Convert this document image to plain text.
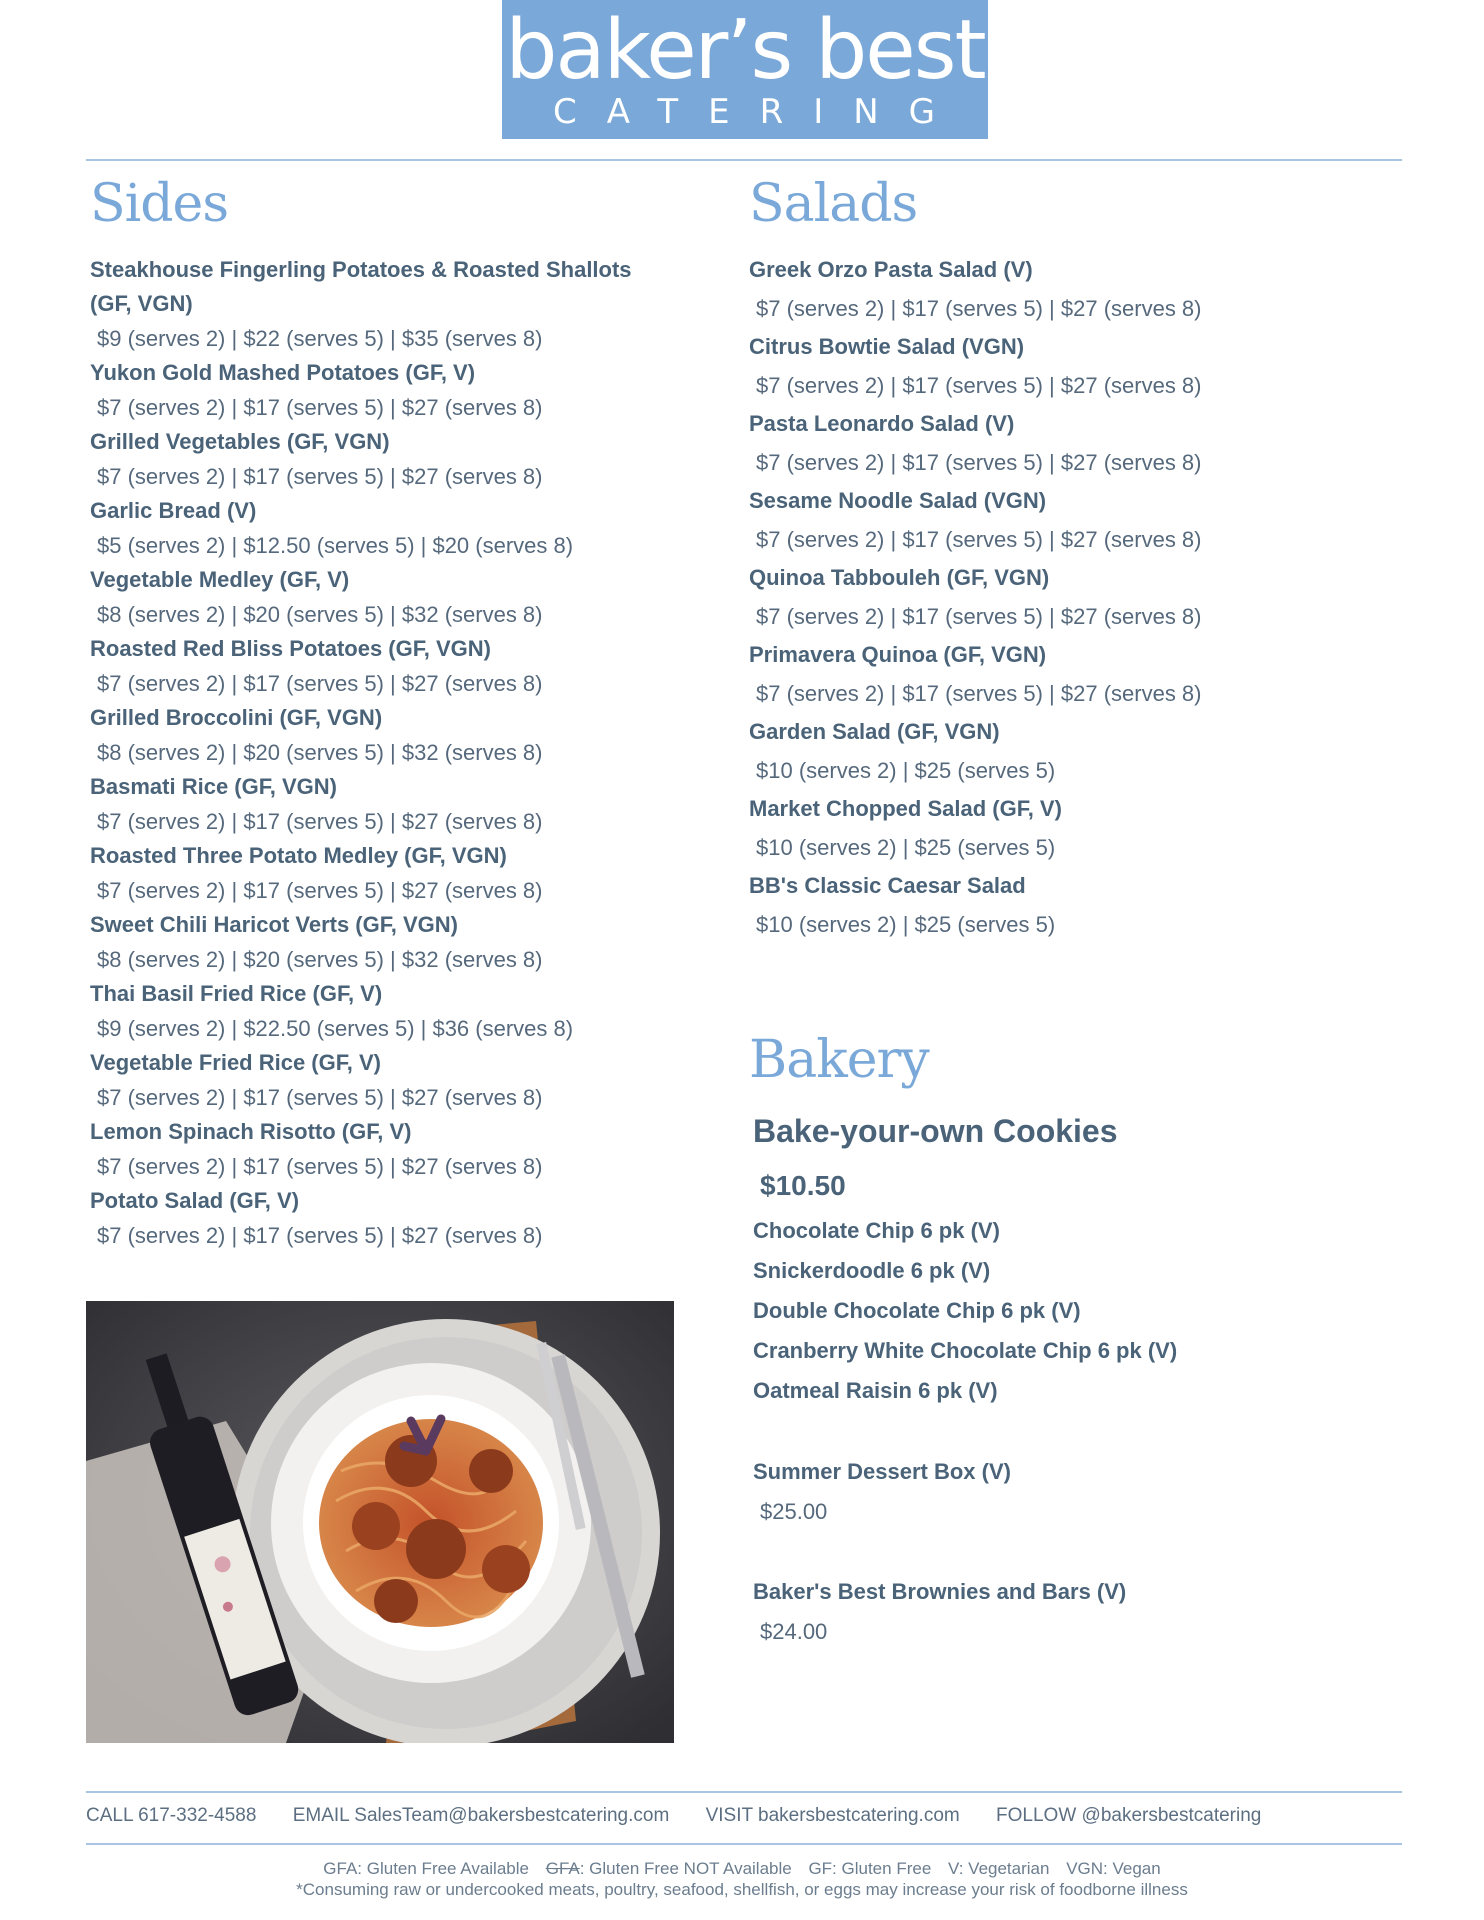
baker’s best
CATERING
Sides
Steakhouse Fingerling Potatoes & Roasted Shallots (GF, VGN)
$9 (serves 2) | $22 (serves 5) | $35 (serves 8)
Yukon Gold Mashed Potatoes (GF, V)
$7 (serves 2) | $17 (serves 5) | $27 (serves 8)
Grilled Vegetables (GF, VGN)
$7 (serves 2) | $17 (serves 5) | $27 (serves 8)
Garlic Bread (V)
$5 (serves 2) | $12.50 (serves 5) | $20 (serves 8)
Vegetable Medley (GF, V)
$8 (serves 2) | $20 (serves 5) | $32 (serves 8)
Roasted Red Bliss Potatoes (GF, VGN)
$7 (serves 2) | $17 (serves 5) | $27 (serves 8)
Grilled Broccolini (GF, VGN)
$8 (serves 2) | $20 (serves 5) | $32 (serves 8)
Basmati Rice (GF, VGN)
$7 (serves 2) | $17 (serves 5) | $27 (serves 8)
Roasted Three Potato Medley (GF, VGN)
$7 (serves 2) | $17 (serves 5) | $27 (serves 8)
Sweet Chili Haricot Verts (GF, VGN)
$8 (serves 2) | $20 (serves 5) | $32 (serves 8)
Thai Basil Fried Rice (GF, V)
$9 (serves 2) | $22.50 (serves 5) | $36 (serves 8)
Vegetable Fried Rice (GF, V)
$7 (serves 2) | $17 (serves 5) | $27 (serves 8)
Lemon Spinach Risotto (GF, V)
$7 (serves 2) | $17 (serves 5) | $27 (serves 8)
Potato Salad (GF, V)
$7 (serves 2) | $17 (serves 5) | $27 (serves 8)
Salads
Greek Orzo Pasta Salad (V)
$7 (serves 2) | $17 (serves 5) | $27 (serves 8)
Citrus Bowtie Salad (VGN)
$7 (serves 2) | $17 (serves 5) | $27 (serves 8)
Pasta Leonardo Salad (V)
$7 (serves 2) | $17 (serves 5) | $27 (serves 8)
Sesame Noodle Salad (VGN)
$7 (serves 2) | $17 (serves 5) | $27 (serves 8)
Quinoa Tabbouleh (GF, VGN)
$7 (serves 2) | $17 (serves 5) | $27 (serves 8)
Primavera Quinoa (GF, VGN)
$7 (serves 2) | $17 (serves 5) | $27 (serves 8)
Garden Salad (GF, VGN)
$10 (serves 2) | $25 (serves 5)
Market Chopped Salad (GF, V)
$10 (serves 2) | $25 (serves 5)
BB's Classic Caesar Salad
$10 (serves 2) | $25 (serves 5)
Bakery
Bake-your-own Cookies
$10.50
Chocolate Chip 6 pk (V)
Snickerdoodle 6 pk (V)
Double Chocolate Chip 6 pk (V)
Cranberry White Chocolate Chip 6 pk (V)
Oatmeal Raisin 6 pk (V)
Summer Dessert Box (V)
$25.00
Baker's Best Brownies and Bars (V)
$24.00
CALL 617-332-4588 EMAIL SalesTeam@bakersbestcatering.com VISIT bakersbestcatering.com FOLLOW @bakersbestcatering
GFA: Gluten Free Available GFA: Gluten Free NOT Available GF: Gluten Free V: Vegetarian VGN: Vegan
*Consuming raw or undercooked meats, poultry, seafood, shellfish, or eggs may increase your risk of foodborne illness
